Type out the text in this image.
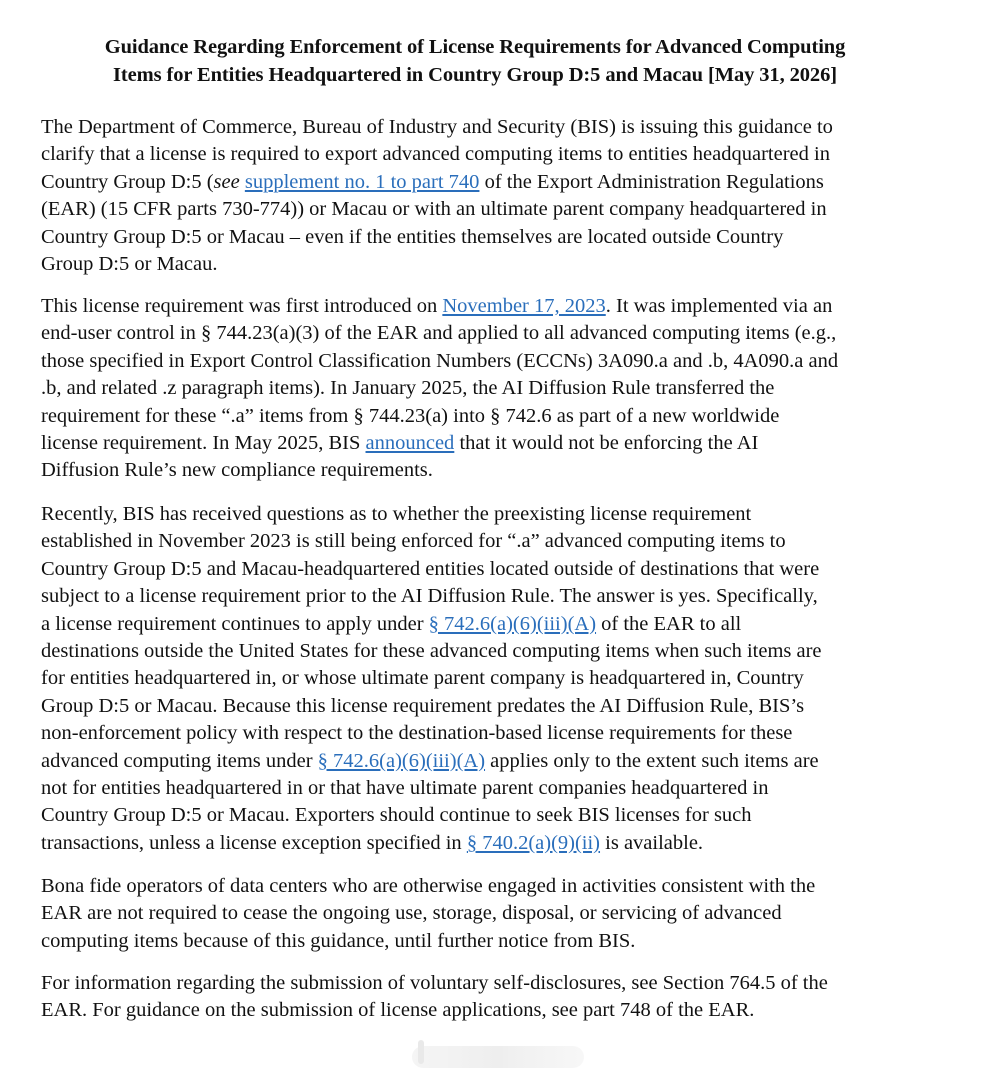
Guidance Regarding Enforcement of License Requirements for Advanced Computing
Items for Entities Headquartered in Country Group D:5 and Macau [May 31, 2026]
The Department of Commerce, Bureau of Industry and Security (BIS) is issuing this guidance to
clarify that a license is required to export advanced computing items to entities headquartered in
Country Group D:5 (see supplement no. 1 to part 740 of the Export Administration Regulations
(EAR) (15 CFR parts 730-774)) or Macau or with an ultimate parent company headquartered in
Country Group D:5 or Macau – even if the entities themselves are located outside Country
Group D:5 or Macau.
This license requirement was first introduced on November 17, 2023. It was implemented via an
end-user control in § 744.23(a)(3) of the EAR and applied to all advanced computing items (e.g.,
those specified in Export Control Classification Numbers (ECCNs) 3A090.a and .b, 4A090.a and
.b, and related .z paragraph items). In January 2025, the AI Diffusion Rule transferred the
requirement for these “.a” items from § 744.23(a) into § 742.6 as part of a new worldwide
license requirement. In May 2025, BIS announced that it would not be enforcing the AI
Diffusion Rule’s new compliance requirements.
Recently, BIS has received questions as to whether the preexisting license requirement
established in November 2023 is still being enforced for “.a” advanced computing items to
Country Group D:5 and Macau-headquartered entities located outside of destinations that were
subject to a license requirement prior to the AI Diffusion Rule. The answer is yes. Specifically,
a license requirement continues to apply under § 742.6(a)(6)(iii)(A) of the EAR to all
destinations outside the United States for these advanced computing items when such items are
for entities headquartered in, or whose ultimate parent company is headquartered in, Country
Group D:5 or Macau. Because this license requirement predates the AI Diffusion Rule, BIS’s
non-enforcement policy with respect to the destination-based license requirements for these
advanced computing items under § 742.6(a)(6)(iii)(A) applies only to the extent such items are
not for entities headquartered in or that have ultimate parent companies headquartered in
Country Group D:5 or Macau. Exporters should continue to seek BIS licenses for such
transactions, unless a license exception specified in § 740.2(a)(9)(ii) is available.
Bona fide operators of data centers who are otherwise engaged in activities consistent with the
EAR are not required to cease the ongoing use, storage, disposal, or servicing of advanced
computing items because of this guidance, until further notice from BIS.
For information regarding the submission of voluntary self-disclosures, see Section 764.5 of the
EAR. For guidance on the submission of license applications, see part 748 of the EAR.
